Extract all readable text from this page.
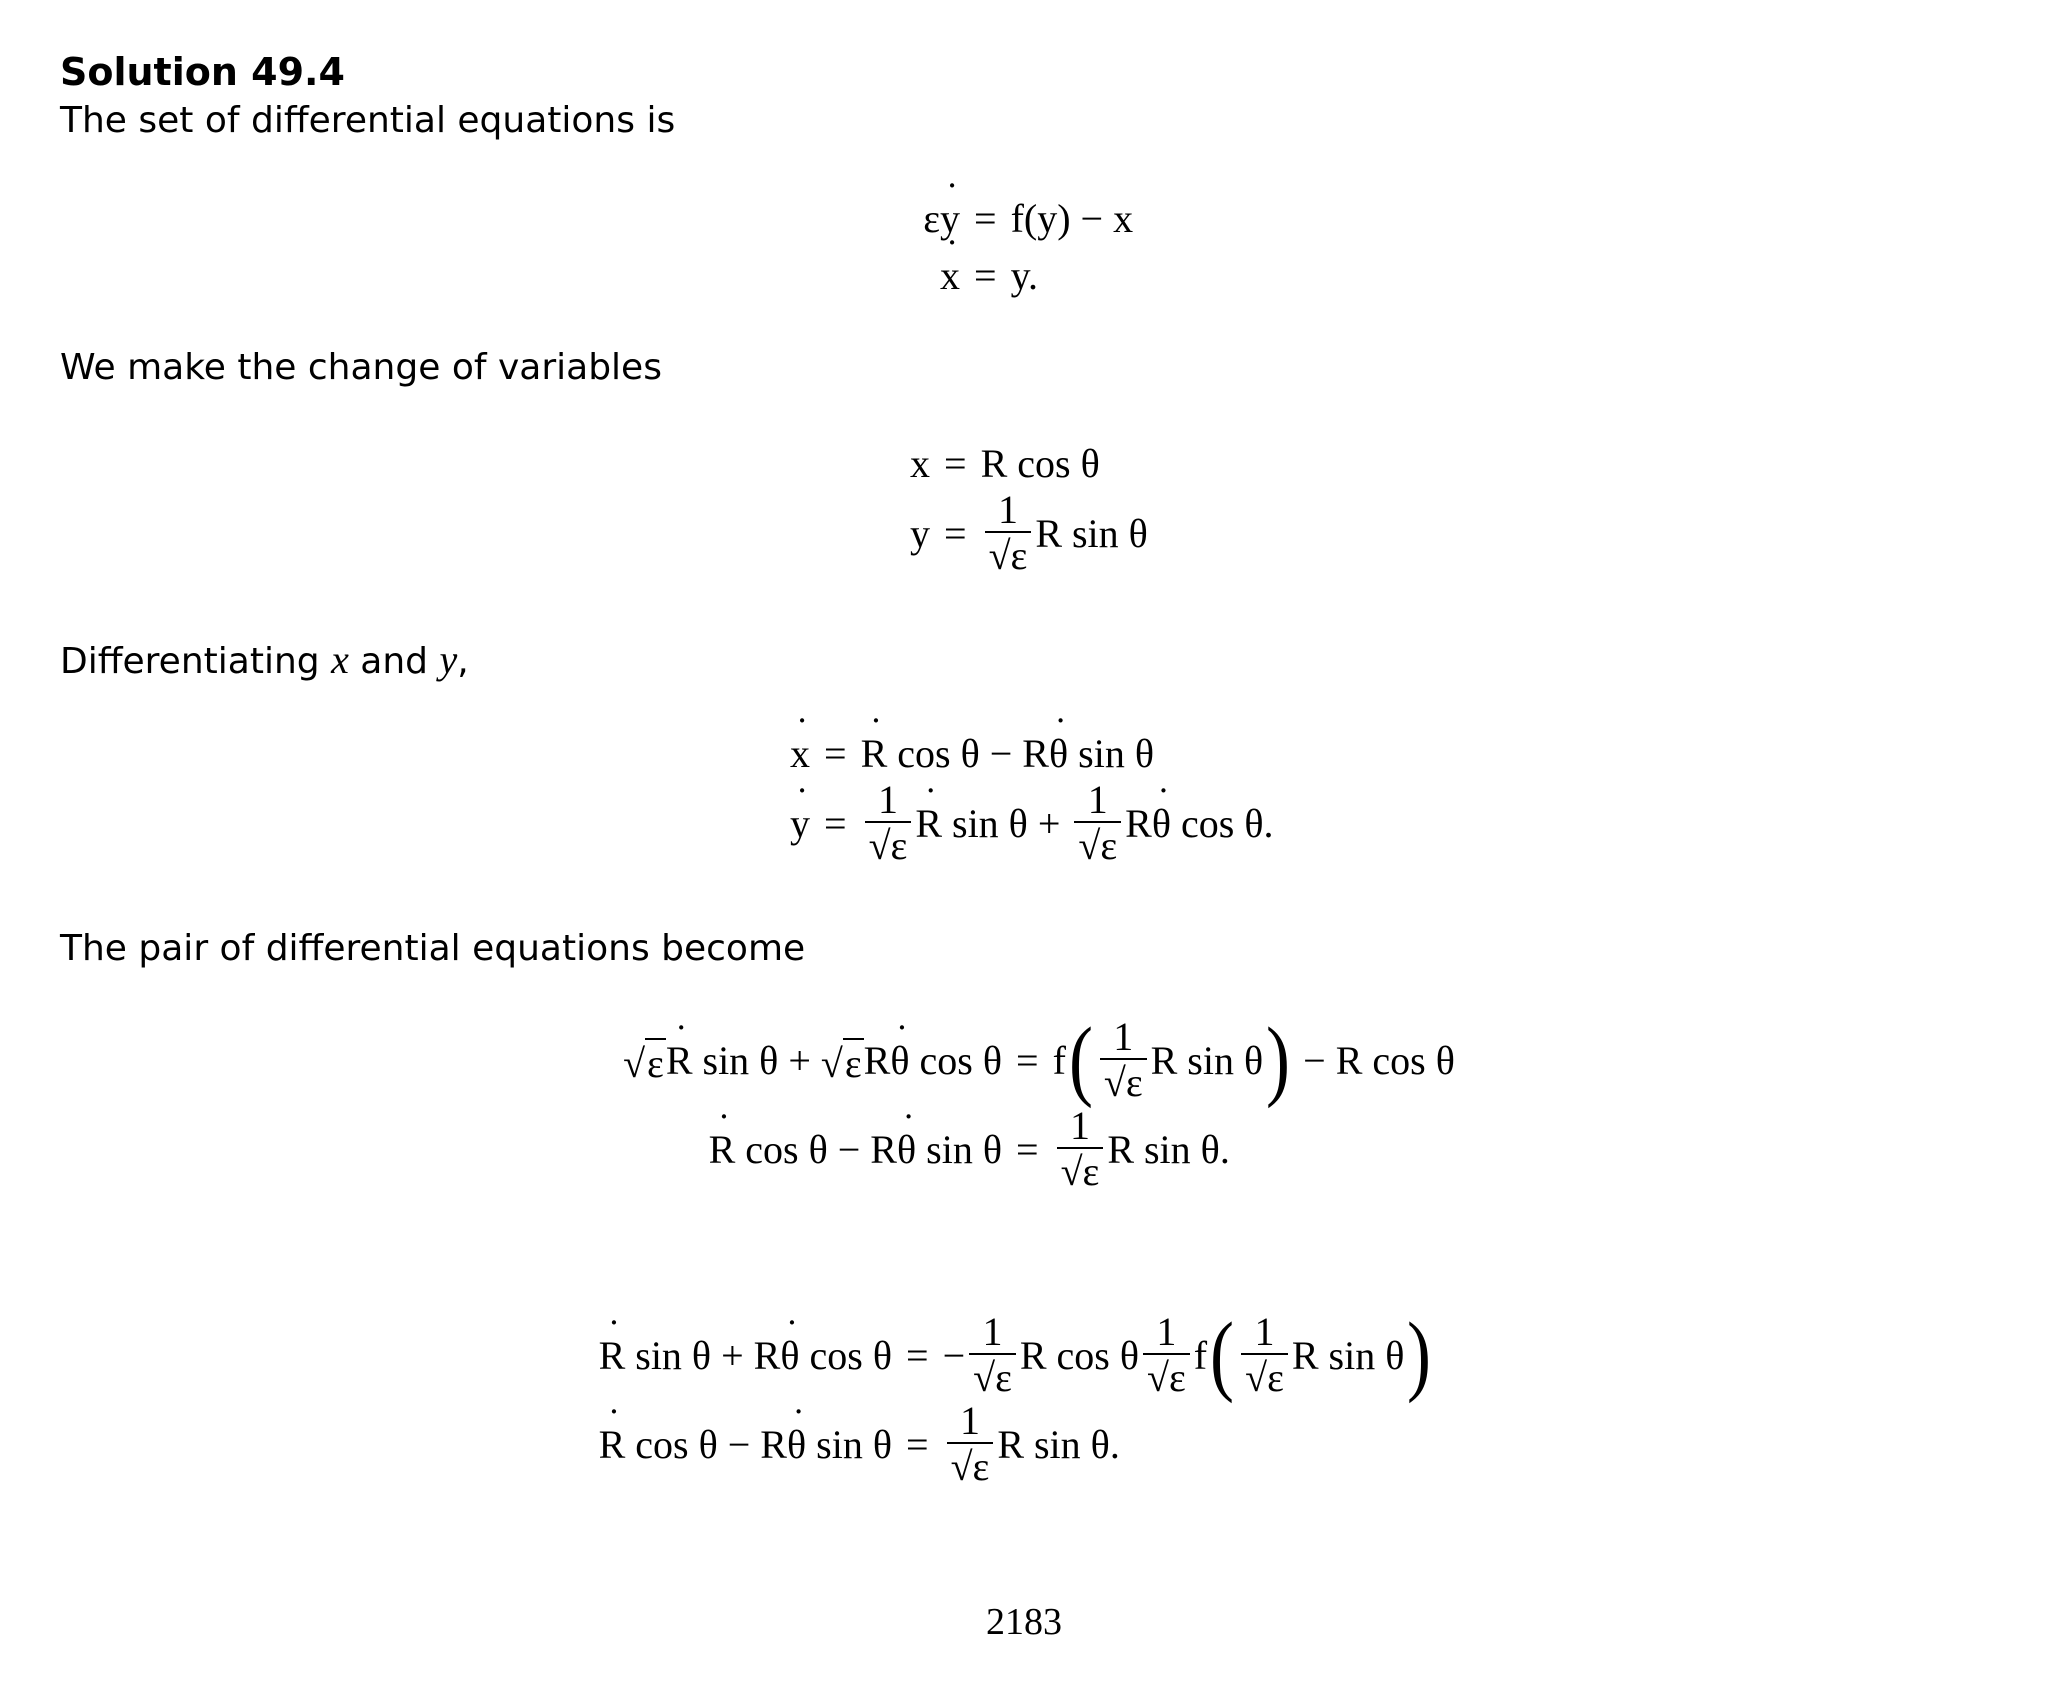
Solution 49.4
The set of differential equations is
ε y ˙ = f(y) − x
x ˙ = y.
We make the change of variables
x = R cos θ
$y = \frac{1}{√\varepsilon}$ R sin θ
Differentiating x and y,
x ˙ = R ˙ cos θ − R θ ˙ sin θ
y ˙ = $\frac{1}{√\varepsilon}$ R ˙ $\sin \theta + \frac{1}{√\varepsilon}$ R θ ˙ cos θ.
The pair of differential equations become
√ ε R ˙ sin θ + √ ε R θ ˙ cos θ = f ( $\frac{1}{√\varepsilon}$ R sin θ ) − R cos θ
R ˙ cos θ − R θ ˙ $\sin \theta = \frac{1}{√\varepsilon}$ R sin θ.
R ˙ sin θ + R θ ˙ cos θ = − $\frac{1}{√\varepsilon}$ R cos θ $\frac{1}{√\varepsilon}$ f ( $\frac{1}{√\varepsilon}$ R sin θ )
R ˙ cos θ − R θ ˙ $\sin \theta = \frac{1}{√\varepsilon}$ R sin θ.
2183
